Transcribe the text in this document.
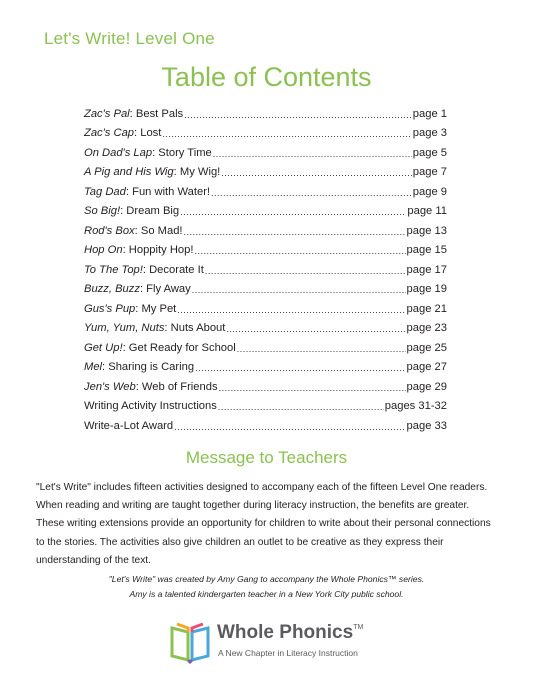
Let's Write! Level One
Table of Contents
Zac's Pal : Best Pals .....	page 1
Zac's Cap : Lost .....	page 3
On Dad's Lap : Story Time .....	page 5
A Pig and His Wig : My Wig! .....	page 7
Tag Dad : Fun with Water! .....	page 9
So Big! : Dream Big .....	page 11
Rod's Box : So Mad! .....	page 13
Hop On : Hoppity Hop! .....	page 15
To The Top! : Decorate It .....	page 17
Buzz, Buzz : Fly Away .....	page 19
Gus's Pup : My Pet .....	page 21
Yum, Yum, Nuts : Nuts About .....	page 23
Get Up! : Get Ready for School .....	page 25
Mel : Sharing is Caring .....	page 27
Jen's Web : Web of Friends .....	page 29
Writing Activity Instructions .....	pages 31-32
Write-a-Lot Award .....	page 33
Message to Teachers

"Let's Write" includes fifteen activities designed to accompany each of the fifteen Level One readers. When reading and writing are taught together during literacy instruction, the benefits are greater. These writing extensions provide an opportunity for children to write about their personal connections to the stories. The activities also give children an outlet to be creative as they express their understanding of the text.

"Let's Write" was created by Amy Gang to accompany the Whole Phonics™ series.

Amy is a talented kindergarten teacher in a New York City public school.

Whole Phonics™
A New Chapter in Literacy Instruction
